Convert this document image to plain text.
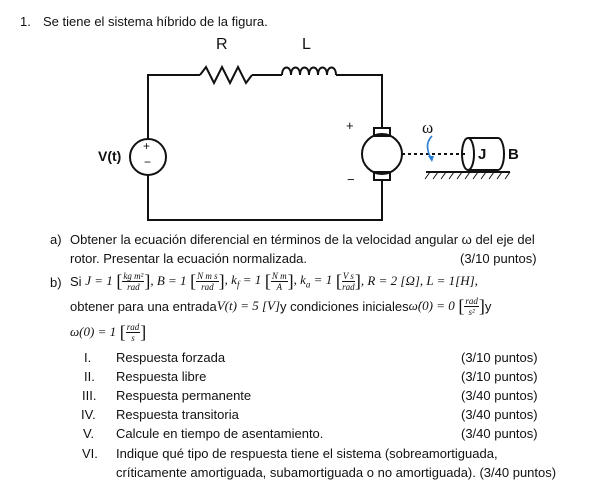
1. Se tiene el sistema híbrido de la figura.
R	L
V(t)
+
−
+
−
ω
J B
a) Obtener la ecuación diferencial en términos de la velocidad angular ω del eje del
rotor. Presentar la ecuación normalizada.	(3/10 puntos)
b) Si
J = 1
[ $\frac{\text{kg m²}}{\text{rad}}$ ] , B = 1
[ $\frac{\text{N m s}}{\text{rad}}$ ] , $k_f = 1$
[ $\frac{\text{N m}}{A}$ ] , $k_a = 1$
[ $\frac{\text{V s}}{\text{rad}}$ ] , R = 2 [Ω], L = 1[H],
obtener para una entrada V(t) = 5 [V] y condiciones iniciales ω̇(0) = 0
[ $\frac{\text{rad}}{\text{s²}}$ ] y
ω(0) = 1
[ $\frac{\text{rad}}{s}$ ]
I. Respuesta forzada	(3/10 puntos)
II. Respuesta libre	(3/10 puntos)
III. Respuesta permanente	(3/40 puntos)
IV. Respuesta transitoria	(3/40 puntos)
V. Calcule en tiempo de asentamiento.	(3/40 puntos)
VI. Indique qué tipo de respuesta tiene el sistema (sobreamortiguada,
críticamente amortiguada, subamortiguada o no amortiguada). (3/40 puntos)
